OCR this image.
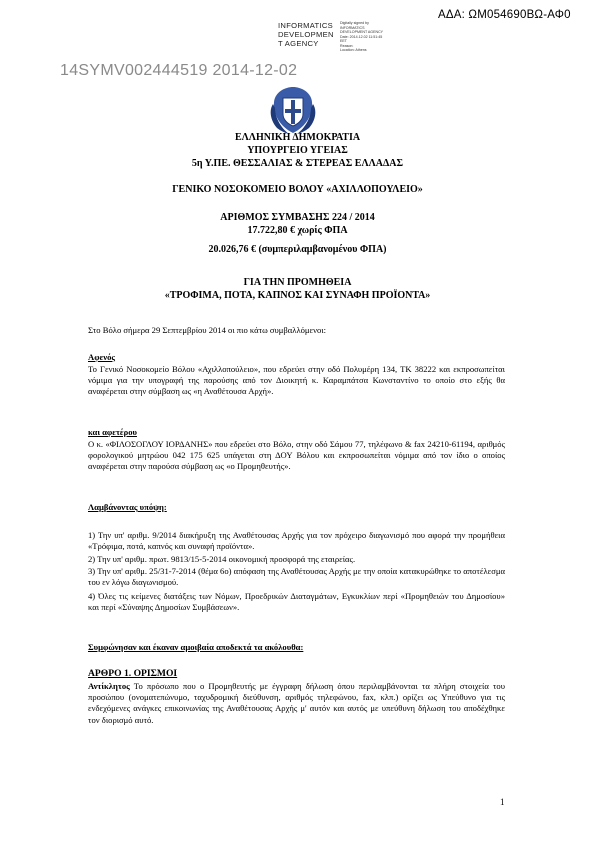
ΑΔΑ: ΩΜ054690ΒΩ-ΑΦ0
INFORMATICS
DEVELOPMEN
T AGENCY
Digitally signed by
INFORMATICS
DEVELOPMENT AGENCY
Date: 2014.12.02 11:51:45
EET
Reason:
Location: Athens
14SYMV002444519 2014-12-02
ΕΛΛΗΝΙΚΗ ΔΗΜΟΚΡΑΤΙΑ
ΥΠΟΥΡΓΕΙΟ ΥΓΕΙΑΣ
5η Υ.ΠΕ. ΘΕΣΣΑΛΙΑΣ & ΣΤΕΡΕΑΣ ΕΛΛΑΔΑΣ
ΓΕΝΙΚΟ ΝΟΣΟΚΟΜΕΙΟ ΒΟΛΟΥ «ΑΧΙΛΛΟΠΟΥΛΕΙΟ»
ΑΡΙΘΜΟΣ ΣΥΜΒΑΣΗΣ 224 / 2014
17.722,80 € χωρίς ΦΠΑ
20.026,76 € (συμπεριλαμβανομένου ΦΠΑ)
ΓΙΑ ΤΗΝ ΠΡΟΜΗΘΕΙΑ
«ΤΡΟΦΙΜΑ, ΠΟΤΑ, ΚΑΠΝΟΣ ΚΑΙ ΣΥΝΑΦΗ ΠΡΟΪΟΝΤΑ»
Στο Βόλο σήμερα 29 Σεπτεμβρίου 2014 οι πιο κάτω συμβαλλόμενοι:
Αφενός
Το Γενικό Νοσοκομείο Βόλου «Αχιλλοπούλειο», που εδρεύει στην οδό Πολυμέρη 134, ΤΚ 38222 και εκπροσωπείται νόμιμα για την υπογραφή της παρούσης από τον Διοικητή κ. Καραμπάτσα Κωνσταντίνο το οποίο στο εξής θα αναφέρεται στην σύμβαση ως «η Αναθέτουσα Αρχή».
και αφετέρου
Ο κ. «ΦΙΛΟΣΟΓΛΟΥ ΙΟΡΔΑΝΗΣ» που εδρεύει στο Βόλο, στην οδό Σάμου 77, τηλέφωνο & fax 24210-61194, αριθμός φορολογικού μητρώου 042 175 625 υπάγεται στη ΔΟΥ Βόλου και εκπροσωπείται νόμιμα από τον ίδιο ο οποίος αναφέρεται στην παρούσα σύμβαση ως «ο Προμηθευτής».
Λαμβάνοντας υπόψη:
1) Την υπ' αριθμ. 9/2014 διακήρυξη της Αναθέτουσας Αρχής για τον πρόχειρο διαγωνισμό που αφορά την προμήθεια «Τρόφιμα, ποτά, καπνός και συναφή προϊόντα».
2) Την υπ' αριθμ. πρωτ. 9813/15-5-2014 οικονομική προσφορά της εταιρείας.
3) Την υπ' αριθμ. 25/31-7-2014 (θέμα 6ο) απόφαση της Αναθέτουσας Αρχής με την οποία κατακυρώθηκε το αποτέλεσμα του εν λόγω διαγωνισμού.
4) Όλες τις κείμενες διατάξεις των Νόμων, Προεδρικών Διαταγμάτων, Εγκυκλίων περί «Προμηθειών του Δημοσίου» και περί «Σύναψης Δημοσίων Συμβάσεων».
Συμφώνησαν και έκαναν αμοιβαία αποδεκτά τα ακόλουθα:
ΑΡΘΡΟ 1. ΟΡΙΣΜΟΙ
Αντίκλητος Το πρόσωπο που ο Προμηθευτής με έγγραφη δήλωση όπου περιλαμβάνονται τα πλήρη στοιχεία του προσώπου (ονοματεπώνυμο, ταχυδρομική διεύθυνση, αριθμός τηλεφώνου, fax, κλπ.) ορίζει ως Υπεύθυνο για τις ενδεχόμενες ανάγκες επικοινωνίας της Αναθέτουσας Αρχής μ' αυτόν και αυτός με υπεύθυνη δήλωση του αποδέχθηκε τον διορισμό αυτό.
1
